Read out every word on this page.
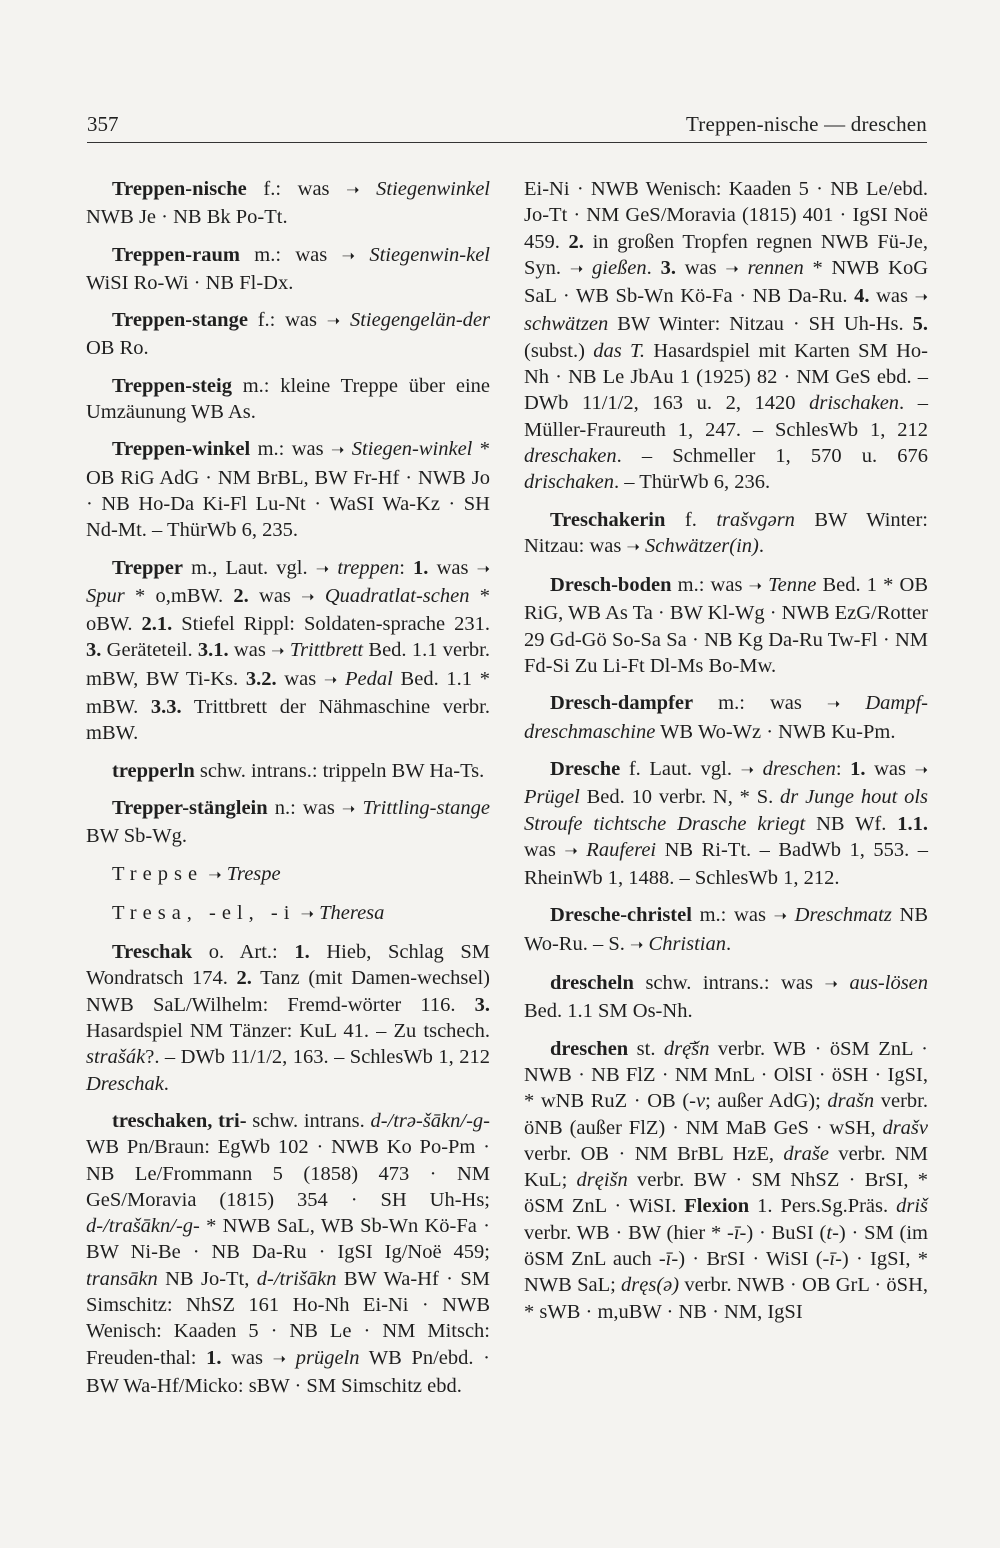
357	Treppen-nische — dreschen

Treppen-nische f.: was ➝ Stiegenwinkel NWB Je · NB Bk Po-Tt.

Treppen-raum m.: was ➝ Stiegenwin-kel WiSI Ro-Wi · NB Fl-Dx.

Treppen-stange f.: was ➝ Stiegengelän-der OB Ro.

Treppen-steig m.: kleine Treppe über eine Umzäunung WB As.

Treppen-winkel m.: was ➝ Stiegen-winkel * OB RiG AdG · NM BrBL, BW Fr-Hf · NWB Jo · NB Ho-Da Ki-Fl Lu-Nt · WaSI Wa-Kz · SH Nd-Mt. – ThürWb 6, 235.

Trepper m., Laut. vgl. ➝ treppen: 1. was ➝ Spur * o,mBW. 2. was ➝ Quadratlat-schen * oBW. 2.1. Stiefel Rippl: Soldaten-sprache 231. 3. Geräteteil. 3.1. was ➝ Trittbrett Bed. 1.1 verbr. mBW, BW Ti-Ks. 3.2. was ➝ Pedal Bed. 1.1 * mBW. 3.3. Trittbrett der Nähmaschine verbr. mBW.

trepperln schw. intrans.: trippeln BW Ha-Ts.

Trepper-stänglein n.: was ➝ Trittling-stange BW Sb-Wg.

Trepse ➝ Trespe

Tresa, -el, -i ➝ Theresa

Treschak o. Art.: 1. Hieb, Schlag SM Wondratsch 174. 2. Tanz (mit Damen-wechsel) NWB SaL/Wilhelm: Fremd-wörter 116. 3. Hasardspiel NM Tänzer: KuL 41. – Zu tschech. strašák?. – DWb 11/1/2, 163. – SchlesWb 1, 212 Dreschak.

treschaken, tri- schw. intrans. d-/trə-šākn/-g- WB Pn/Braun: EgWb 102 · NWB Ko Po-Pm · NB Le/Frommann 5 (1858) 473 · NM GeS/Moravia (1815) 354 · SH Uh-Hs; d-/trašākn/-g- * NWB SaL, WB Sb-Wn Kö-Fa · BW Ni-Be · NB Da-Ru · IgSI Ig/Noë 459; transākn NB Jo-Tt, d-/trišākn BW Wa-Hf · SM Simschitz: NhSZ 161 Ho-Nh Ei-Ni · NWB Wenisch: Kaaden 5 · NB Le · NM Mitsch: Freuden-thal: 1. was ➝ prügeln WB Pn/ebd. · BW Wa-Hf/Micko: sBW · SM Simschitz ebd.

Ei-Ni · NWB Wenisch: Kaaden 5 · NB Le/ebd. Jo-Tt · NM GeS/Moravia (1815) 401 · IgSI Noë 459. 2. in großen Tropfen regnen NWB Fü-Je, Syn. ➝ gießen. 3. was ➝ rennen * NWB KoG SaL · WB Sb-Wn Kö-Fa · NB Da-Ru. 4. was ➝ schwätzen BW Winter: Nitzau · SH Uh-Hs. 5. (subst.) das T. Hasardspiel mit Karten SM Ho-Nh · NB Le JbAu 1 (1925) 82 · NM GeS ebd. – DWb 11/1/2, 163 u. 2, 1420 drischaken. – Müller-Fraureuth 1, 247. – SchlesWb 1, 212 dreschaken. – Schmeller 1, 570 u. 676 drischaken. – ThürWb 6, 236.

Treschakerin f. trašvgərn BW Winter: Nitzau: was ➝ Schwätzer(in).

Dresch-boden m.: was ➝ Tenne Bed. 1 * OB RiG, WB As Ta · BW Kl-Wg · NWB EzG/Rotter 29 Gd-Gö So-Sa Sa · NB Kg Da-Ru Tw-Fl · NM Fd-Si Zu Li-Ft Dl-Ms Bo-Mw.

Dresch-dampfer m.: was ➝ Dampf-dreschmaschine WB Wo-Wz · NWB Ku-Pm.

Dresche f. Laut. vgl. ➝ dreschen: 1. was ➝ Prügel Bed. 10 verbr. N, * S. dr Junge hout ols Stroufe tichtsche Drasche kriegt NB Wf. 1.1. was ➝ Rauferei NB Ri-Tt. – BadWb 1, 553. – RheinWb 1, 1488. – SchlesWb 1, 212.

Dresche-christel m.: was ➝ Dreschmatz NB Wo-Ru. – S. ➝ Christian.

drescheln schw. intrans.: was ➝ aus-lösen Bed. 1.1 SM Os-Nh.

dreschen st. drę̄šn verbr. WB · öSM ZnL · NWB · NB FlZ · NM MnL · OlSI · öSH · IgSI, * wNB RuZ · OB (-v; außer AdG); drašn verbr. öNB (außer FlZ) · NM MaB GeS · wSH, drašv verbr. OB · NM BrBL HzE, draše verbr. NM KuL; dręišn verbr. BW · SM NhSZ · BrSI, * öSM ZnL · WiSI. Flexion 1. Pers.Sg.Präs. driš verbr. WB · BW (hier * -ī-) · BuSI (t-) · SM (im öSM ZnL auch -ī-) · BrSI · WiSI (-ī-) · IgSI, * NWB SaL; dręs(ə) verbr. NWB · OB GrL · öSH, * sWB · m,uBW · NB · NM, IgSI
